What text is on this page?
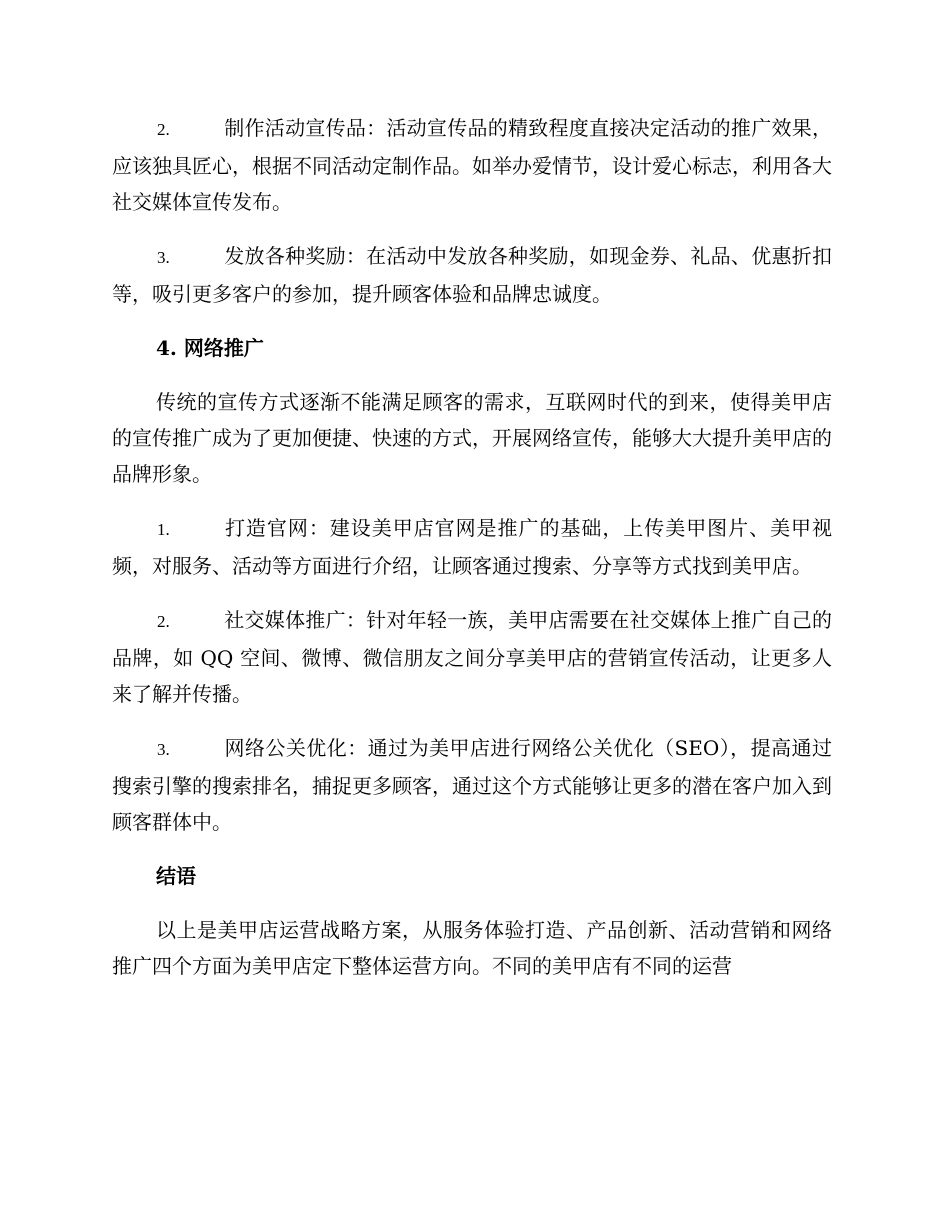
2.	制作活动宣传品：活动宣传品的精致程度直接决定活动的推广效果，应该独具匠心，根据不同活动定制作品。如举办爱情节，设计爱心标志，利用各大社交媒体宣传发布。

3.	发放各种奖励：在活动中发放各种奖励，如现金券、礼品、优惠折扣等，吸引更多客户的参加，提升顾客体验和品牌忠诚度。

4. 网络推广

传统的宣传方式逐渐不能满足顾客的需求，互联网时代的到来，使得美甲店的宣传推广成为了更加便捷、快速的方式，开展网络宣传，能够大大提升美甲店的品牌形象。

1.	打造官网：建设美甲店官网是推广的基础，上传美甲图片、美甲视频，对服务、活动等方面进行介绍，让顾客通过搜索、分享等方式找到美甲店。

2.	社交媒体推广：针对年轻一族，美甲店需要在社交媒体上推广自己的品牌，如 QQ 空间、微博、微信朋友之间分享美甲店的营销宣传活动，让更多人来了解并传播。

3.	网络公关优化：通过为美甲店进行网络公关优化（SEO），提高通过搜索引擎的搜索排名，捕捉更多顾客，通过这个方式能够让更多的潜在客户加入到顾客群体中。

结语

以上是美甲店运营战略方案，从服务体验打造、产品创新、活动营销和网络推广四个方面为美甲店定下整体运营方向。不同的美甲店有不同的运营
